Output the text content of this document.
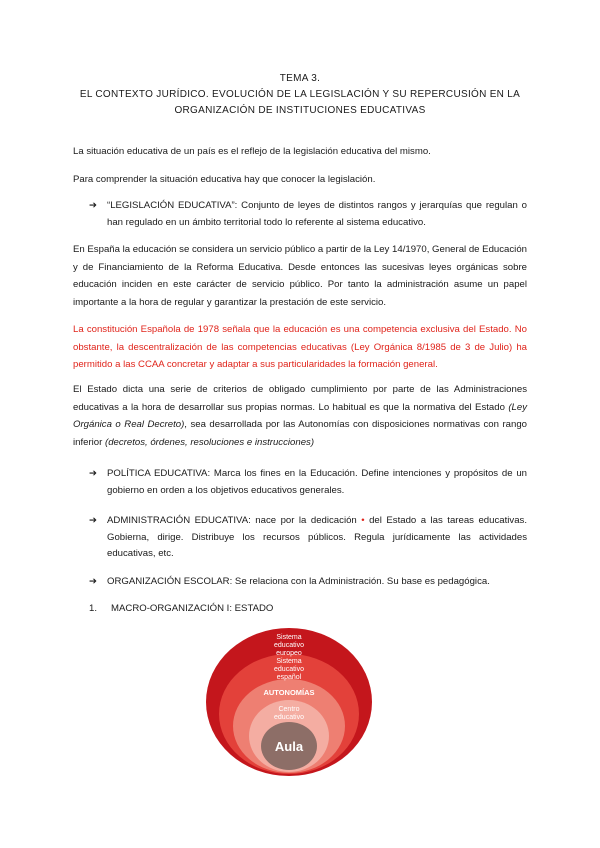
TEMA 3.
EL CONTEXTO JURÍDICO. EVOLUCIÓN DE LA LEGISLACIÓN Y SU REPERCUSIÓN EN LA
ORGANIZACIÓN DE INSTITUCIONES EDUCATIVAS
La situación educativa de un país es el reflejo de la legislación educativa del mismo.
Para comprender la situación educativa hay que conocer la legislación.
➔	“LEGISLACIÓN EDUCATIVA”: Conjunto de leyes de distintos rangos y jerarquías que regulan o han regulado en un ámbito territorial todo lo referente al sistema educativo.
En España la educación se considera un servicio público a partir de la Ley 14/1970, General de Educación y de Financiamiento de la Reforma Educativa. Desde entonces las sucesivas leyes orgánicas sobre educación inciden en este carácter de servicio público. Por tanto la administración asume un papel importante a la hora de regular y garantizar la prestación de este servicio.
La constitución Española de 1978 señala que la educación es una competencia exclusiva del Estado. No obstante, la descentralización de las competencias educativas (Ley Orgánica 8/1985 de 3 de Julio) ha permitido a las CCAA concretar y adaptar a sus particularidades la formación general.
El Estado dicta una serie de criterios de obligado cumplimiento por parte de las Administraciones educativas a la hora de desarrollar sus propias normas. Lo habitual es que la normativa del Estado (Ley Orgánica o Real Decreto), sea desarrollada por las Autonomías con disposiciones normativas con rango inferior (decretos, órdenes, resoluciones e instrucciones)
➔	POLÍTICA EDUCATIVA: Marca los fines en la Educación. Define intenciones y propósitos de un gobierno en orden a los objetivos educativos generales.
➔	ADMINISTRACIÓN EDUCATIVA: nace por la dedicación • del Estado a las tareas educativas. Gobierna, dirige. Distribuye los recursos públicos. Regula jurídicamente las actividades educativas, etc.
➔	ORGANIZACIÓN ESCOLAR: Se relaciona con la Administración. Su base es pedagógica.
1. MACRO-ORGANIZACIÓN I: ESTADO
Sistema
educativo
europeo
Sistema
educativo
español
AUTONOMÍAS
Centro
educativo
Aula
